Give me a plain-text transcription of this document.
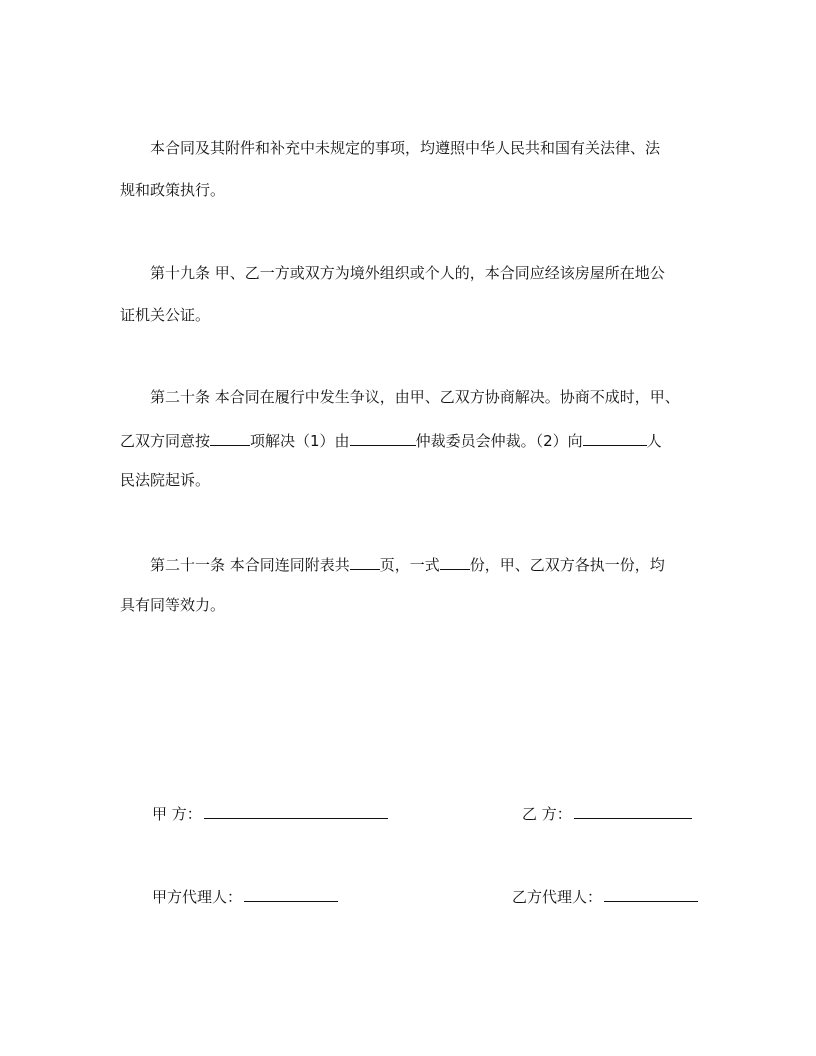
本合同及其附件和补充中未规定的事项，均遵照中华人民共和国有关法律、法
规和政策执行。
第十九条 甲、乙一方或双方为境外组织或个人的，本合同应经该房屋所在地公
证机关公证。
第二十条 本合同在履行中发生争议，由甲、乙双方协商解决。协商不成时，甲、
乙双方同意按	项解决（1）由	仲裁委员会仲裁。（2）向	人
民法院起诉。
第二十一条 本合同连同附表共 页，一式 份，甲、乙双方各执一份，均
具有同等效力。
甲 方：	乙 方：
甲方代理人：	乙方代理人：
